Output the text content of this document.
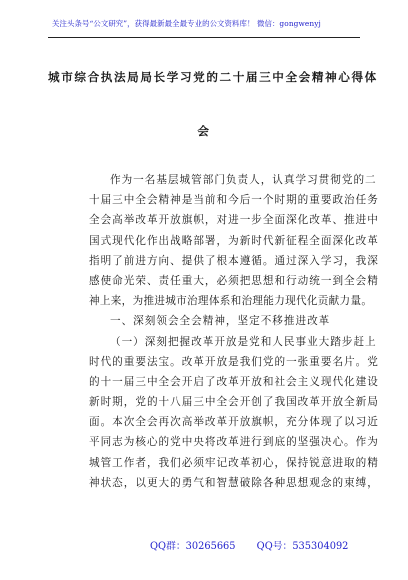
关注头条号“公文研究”，获得最新最全最专业的公文资料库！ 微信：gongwenyj
城市综合执法局局长学习党的二十届三中全会精神心得体
会
作为一名基层城管部门负责人，认真学习贯彻党的二
十届三中全会精神是当前和今后一个时期的重要政治任务
全会高举改革开放旗帜，对进一步全面深化改革、推进中
国式现代化作出战略部署，为新时代新征程全面深化改革
指明了前进方向、提供了根本遵循。通过深入学习，我深
感使命光荣、责任重大，必须把思想和行动统一到全会精
神上来，为推进城市治理体系和治理能力现代化贡献力量。
一、深刻领会全会精神，坚定不移推进改革
（一）深刻把握改革开放是党和人民事业大踏步赶上
时代的重要法宝。改革开放是我们党的一张重要名片。党
的十一届三中全会开启了改革开放和社会主义现代化建设
新时期，党的十八届三中全会开创了我国改革开放全新局
面。本次全会再次高举改革开放旗帜，充分体现了以习近
平同志为核心的党中央将改革进行到底的坚强决心。作为
城管工作者，我们必须牢记改革初心，保持锐意进取的精
神状态，以更大的勇气和智慧破除各种思想观念的束缚，
QQ群：30265665 QQ号：535304092
